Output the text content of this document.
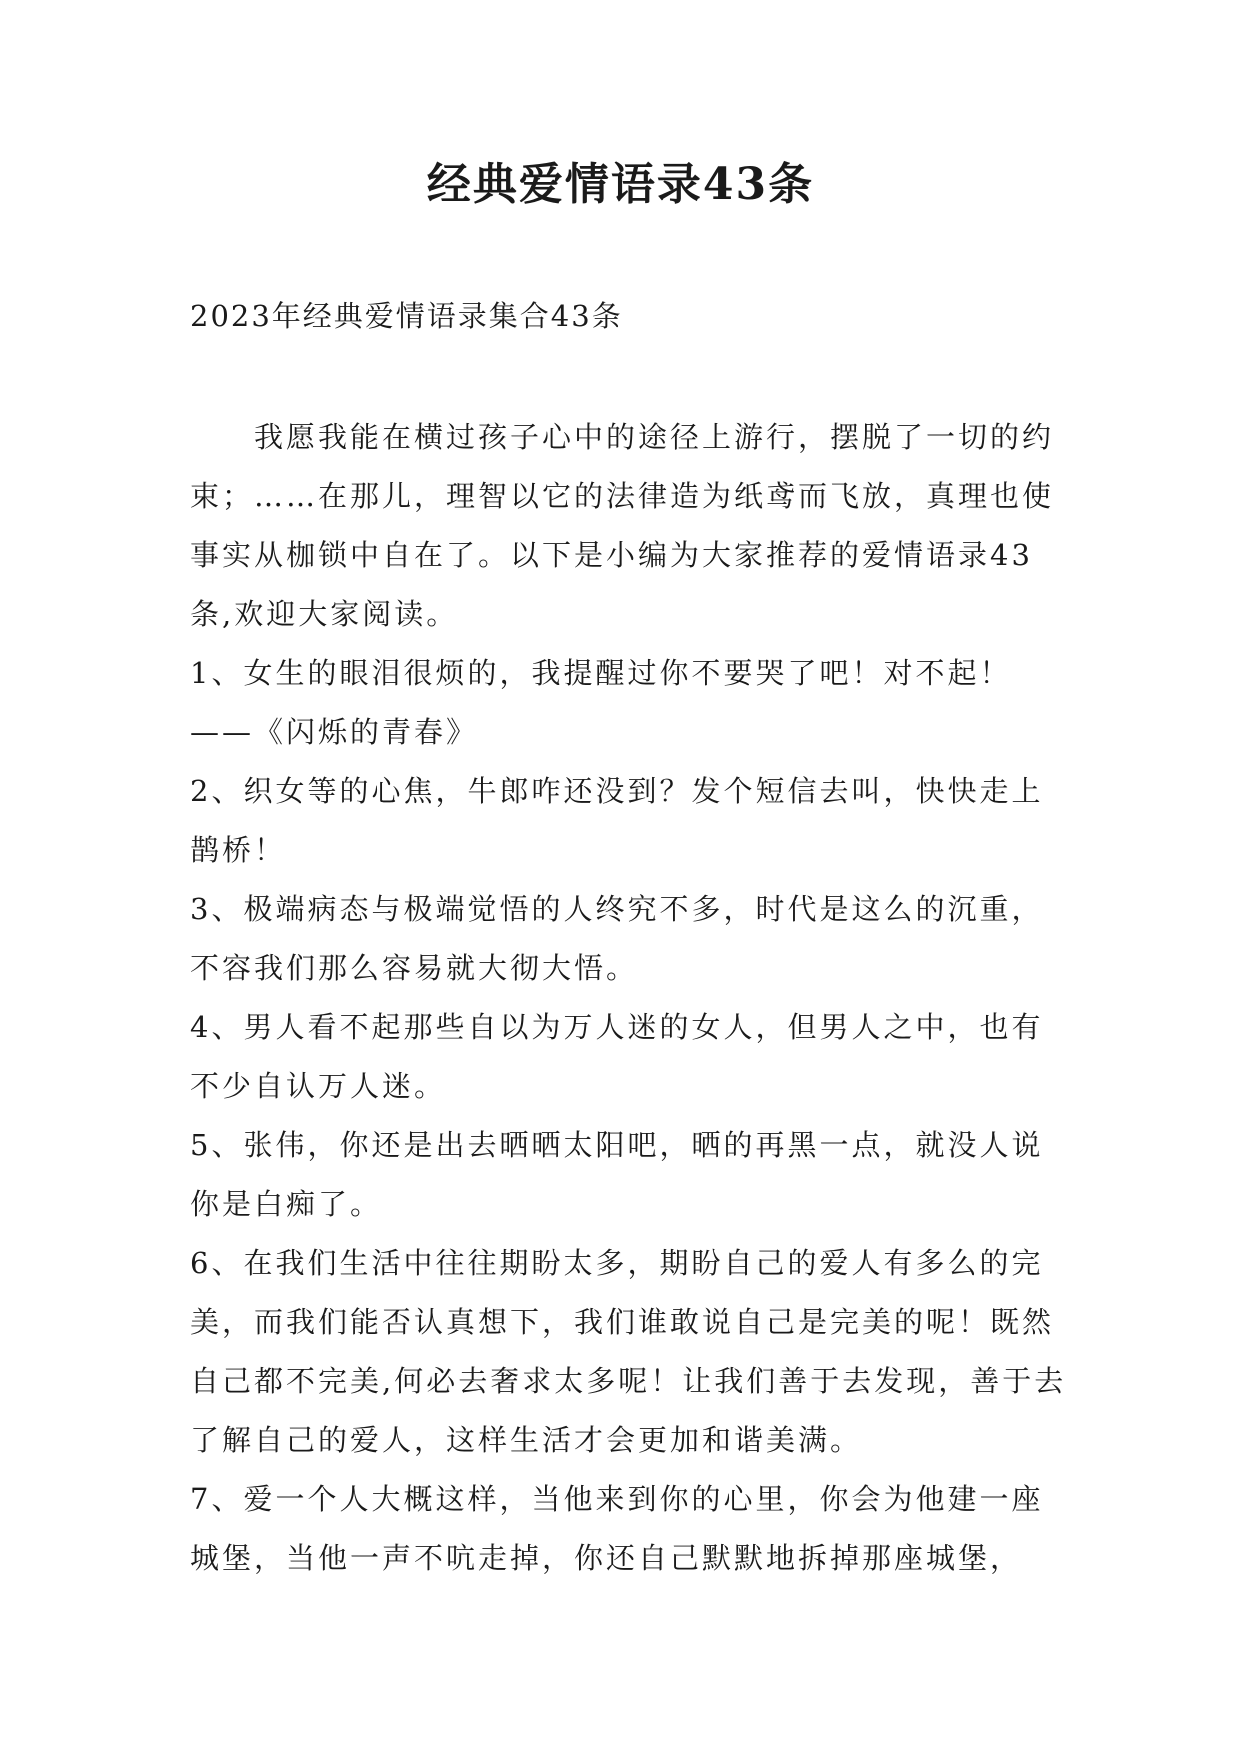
经典爱情语录43条
2023年经典爱情语录集合43条

我愿我能在横过孩子心中的途径上游行，摆脱了一切的约束；……在那儿，理智以它的法律造为纸鸢而飞放，真理也使事实从枷锁中自在了。以下是小编为大家推荐的爱情语录43条,欢迎大家阅读。

1、女生的眼泪很烦的，我提醒过你不要哭了吧！对不起！——《闪烁的青春》

2、织女等的心焦，牛郎咋还没到？发个短信去叫，快快走上鹊桥！

3、极端病态与极端觉悟的人终究不多，时代是这么的沉重，不容我们那么容易就大彻大悟。

4、男人看不起那些自以为万人迷的女人，但男人之中，也有不少自认万人迷。

5、张伟，你还是出去晒晒太阳吧，晒的再黑一点，就没人说你是白痴了。

6、在我们生活中往往期盼太多，期盼自己的爱人有多么的完美，而我们能否认真想下，我们谁敢说自己是完美的呢！既然自己都不完美,何必去奢求太多呢！让我们善于去发现，善于去了解自己的爱人，这样生活才会更加和谐美满。

7、爱一个人大概这样，当他来到你的心里，你会为他建一座城堡，当他一声不吭走掉，你还自己默默地拆掉那座城堡，
